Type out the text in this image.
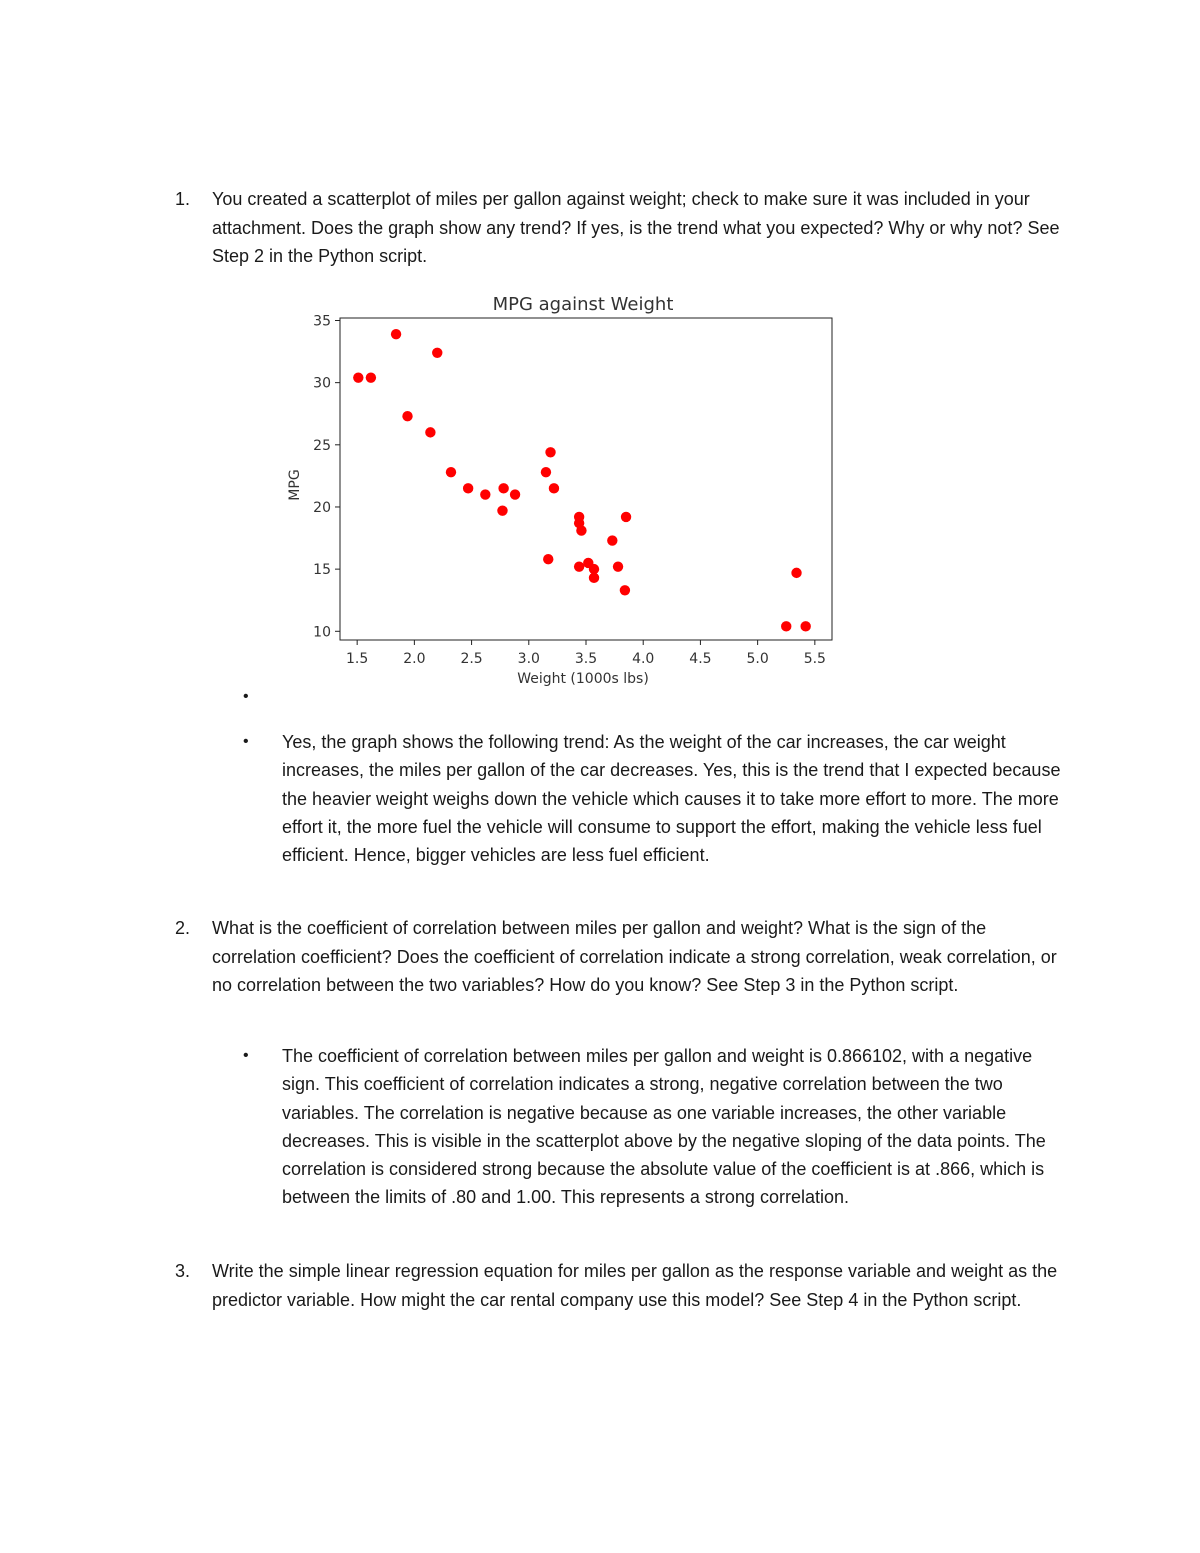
1. You created a scatterplot of miles per gallon against weight; check to make sure it was included in your attachment. Does the graph show any trend? If yes, is the trend what you expected? Why or why not? See Step 2 in the Python script.
MPG against Weight
1.5 2.0 2.5 3.0 3.5 4.0 4.5 5.0 5.5
10
15
20
25
30
35
Weight (1000s lbs)
MPG
•

• Yes, the graph shows the following trend: As the weight of the car increases, the car weight increases, the miles per gallon of the car decreases. Yes, this is the trend that I expected because the heavier weight weighs down the vehicle which causes it to take more effort to more. The more effort it, the more fuel the vehicle will consume to support the effort, making the vehicle less fuel efficient. Hence, bigger vehicles are less fuel efficient.
2. What is the coefficient of correlation between miles per gallon and weight? What is the sign of the correlation coefficient? Does the coefficient of correlation indicate a strong correlation, weak correlation, or no correlation between the two variables? How do you know? See Step 3 in the Python script.
• The coefficient of correlation between miles per gallon and weight is 0.866102, with a negative sign. This coefficient of correlation indicates a strong, negative correlation between the two variables. The correlation is negative because as one variable increases, the other variable decreases. This is visible in the scatterplot above by the negative sloping of the data points. The correlation is considered strong because the absolute value of the coefficient is at .866, which is between the limits of .80 and 1.00. This represents a strong correlation.
3. Write the simple linear regression equation for miles per gallon as the response variable and weight as the predictor variable. How might the car rental company use this model? See Step 4 in the Python script.
